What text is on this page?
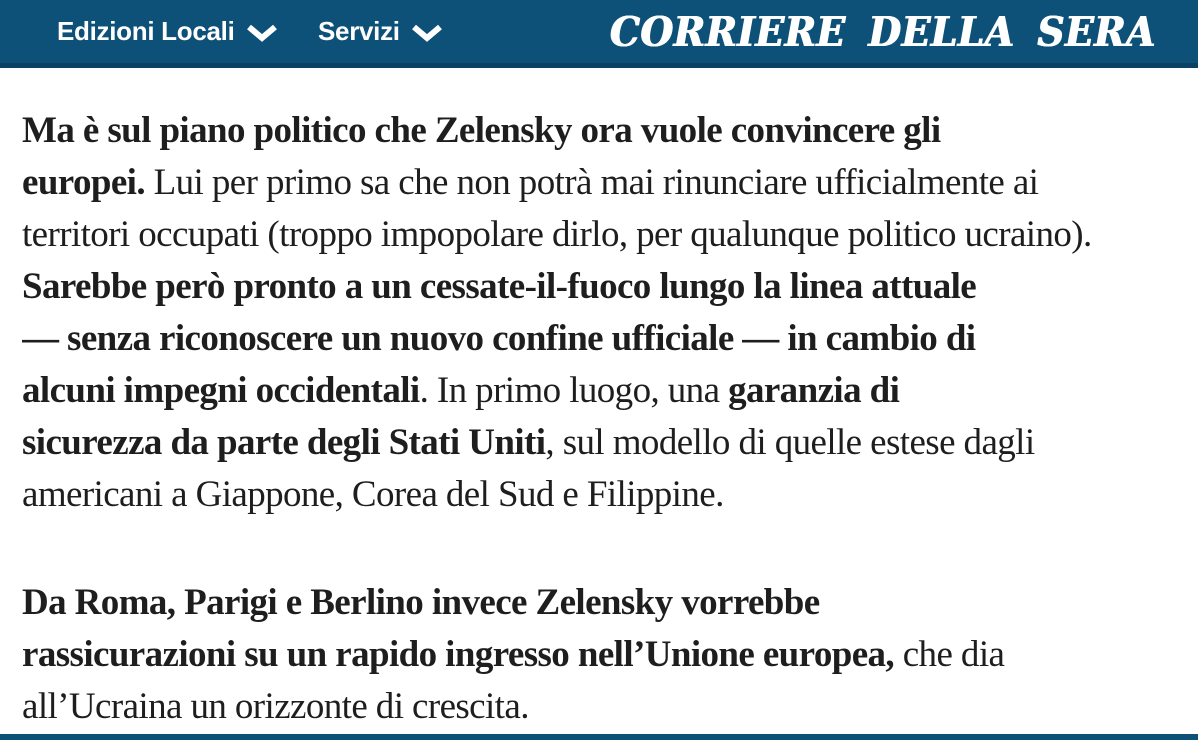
Edizioni Locali	Servizi	CORRIERE DELLA SERA
Ma è sul piano politico che Zelensky ora vuole convincere gli
europei. Lui per primo sa che non potrà mai rinunciare ufficialmente ai
territori occupati (troppo impopolare dirlo, per qualunque politico ucraino).
Sarebbe però pronto a un cessate-il-fuoco lungo la linea attuale
— senza riconoscere un nuovo confine ufficiale — in cambio di
alcuni impegni occidentali. In primo luogo, una garanzia di
sicurezza da parte degli Stati Uniti, sul modello di quelle estese dagli
americani a Giappone, Corea del Sud e Filippine.
Da Roma, Parigi e Berlino invece Zelensky vorrebbe
rassicurazioni su un rapido ingresso nell’Unione europea, che dia
all’Ucraina un orizzonte di crescita.
